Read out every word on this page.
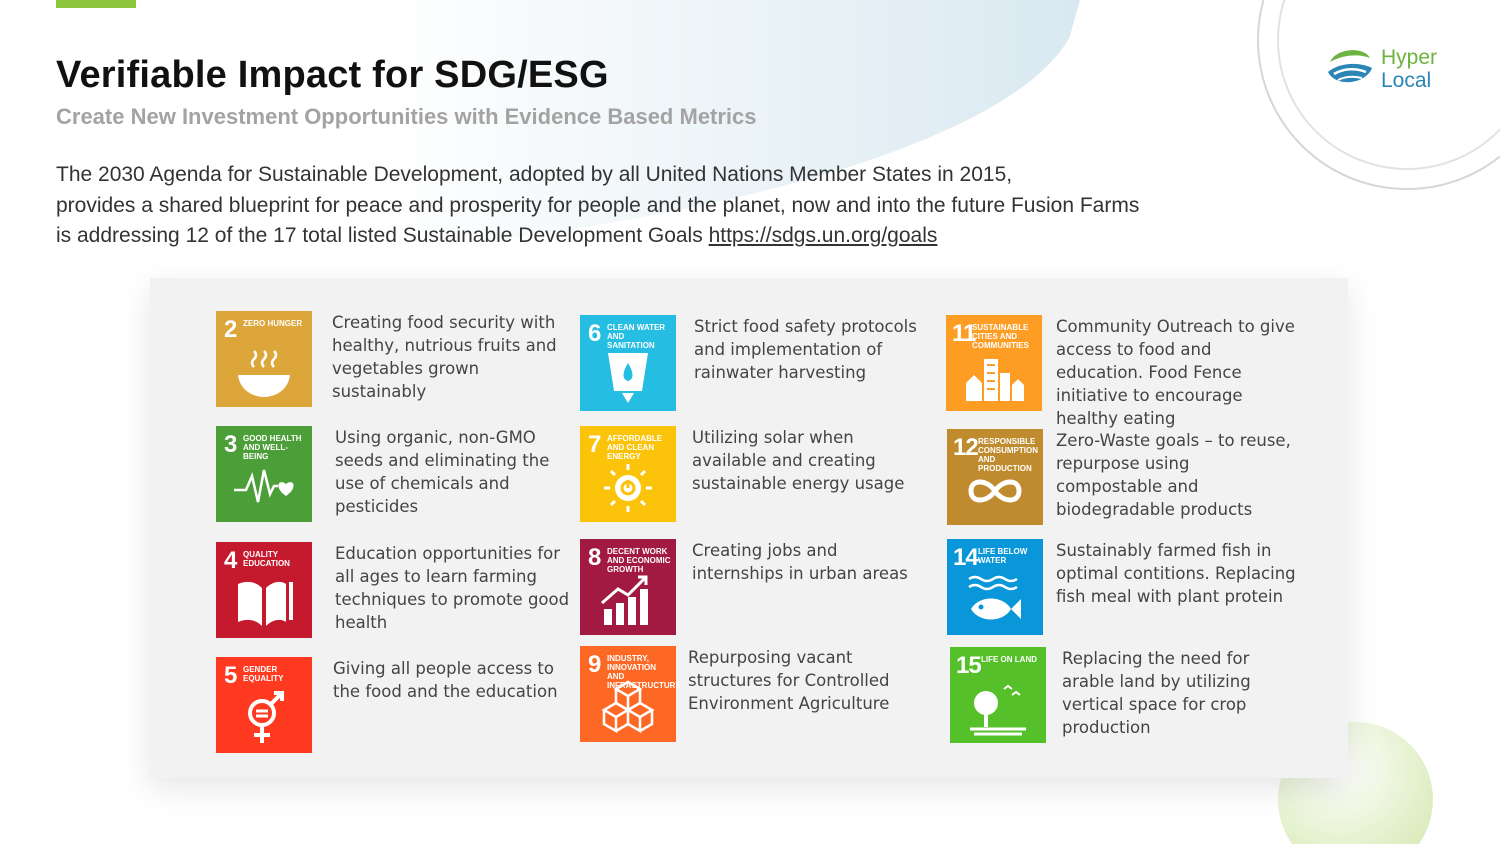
Hyper
Local
Verifiable Impact for SDG/ESG
Create New Investment Opportunities with Evidence Based Metrics
The 2030 Agenda for Sustainable Development, adopted by all United Nations Member States in 2015,
provides a shared blueprint for peace and prosperity for people and the planet, now and into the future Fusion Farms
is addressing 12 of the 17 total listed Sustainable Development Goals https://sdgs.un.org/goals
2 ZERO HUNGER	Creating food security with healthy, nutrious fruits and vegetables grown sustainably
3 GOOD HEALTH AND WELL-BEING
Using organic, non-GMO seeds and eliminating the use of chemicals and pesticides
4 QUALITY EDUCATION
Education opportunities for all ages to learn farming techniques to promote good health
5 GENDER EQUALITY
Giving all people access to the food and the education
6 CLEAN WATER AND SANITATION
Strict food safety protocols and implementation of rainwater harvesting
7 AFFORDABLE AND CLEAN ENERGY
Utilizing solar when available and creating sustainable energy usage
8 DECENT WORK AND ECONOMIC GROWTH
Creating jobs and internships in urban areas
9 INDUSTRY, INNOVATION AND INFRASTRUCTURE
Repurposing vacant structures for Controlled Environment Agriculture
11
SUSTAINABLE CITIES AND COMMUNITIES
Community Outreach to give access to food and education. Food Fence initiative to encourage healthy eating
12 RESPONSIBLE CONSUMPTION AND PRODUCTION
Zero-Waste goals – to reuse, repurpose using compostable and biodegradable products
14 LIFE BELOW WATER
Sustainably farmed fish in optimal contitions. Replacing fish meal with plant protein
15 LIFE ON LAND	Replacing the need for arable land by utilizing vertical space for crop production
